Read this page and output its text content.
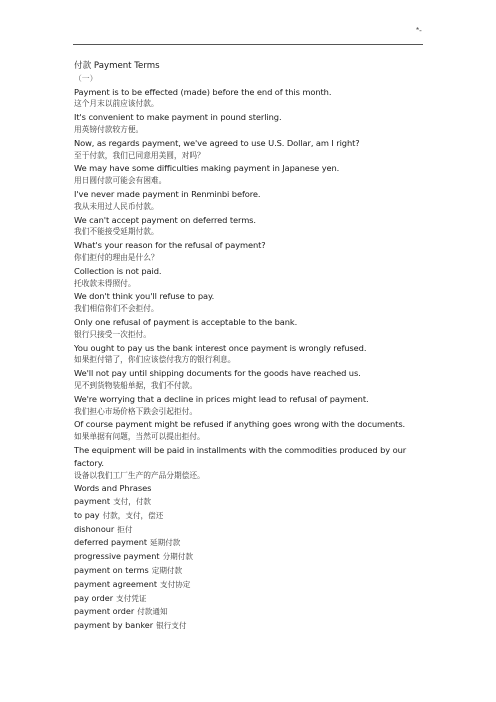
*-
付款 Payment Terms
（一）
Payment is to be effected (made) before the end of this month.
这个月末以前应该付款。
It's convenient to make payment in pound sterling.
用英镑付款较方便。
Now, as regards payment, we've agreed to use U.S. Dollar, am I right?
至于付款，我们已同意用美圆，对吗？
We may have some difficulties making payment in Japanese yen.
用日圆付款可能会有困难。
I've never made payment in Renminbi before.
我从未用过人民币付款。
We can't accept payment on deferred terms.
我们不能接受延期付款。
What's your reason for the refusal of payment?
你们拒付的理由是什么？
Collection is not paid.
托收款未得照付。
We don't think you'll refuse to pay.
我们相信你们不会拒付。
Only one refusal of payment is acceptable to the bank.
银行只接受一次拒付。
You ought to pay us the bank interest once payment is wrongly refused.
如果拒付错了，你们应该偿付我方的银行利息。
We'll not pay until shipping documents for the goods have reached us.
见不到货物装船单据，我们不付款。
We're worrying that a decline in prices might lead to refusal of payment.
我们担心市场价格下跌会引起拒付。
Of course payment might be refused if anything goes wrong with the documents.
如果单据有问题，当然可以提出拒付。
The equipment will be paid in installments with the commodities produced by our factory.
设备以我们工厂生产的产品分期偿还。
Words and Phrases
payment 支付，付款
to pay 付款，支付，偿还
dishonour 拒付
deferred payment 延期付款
progressive payment 分期付款
payment on terms 定期付款
payment agreement 支付协定
pay order 支付凭证
payment order 付款通知
payment by banker 银行支付
